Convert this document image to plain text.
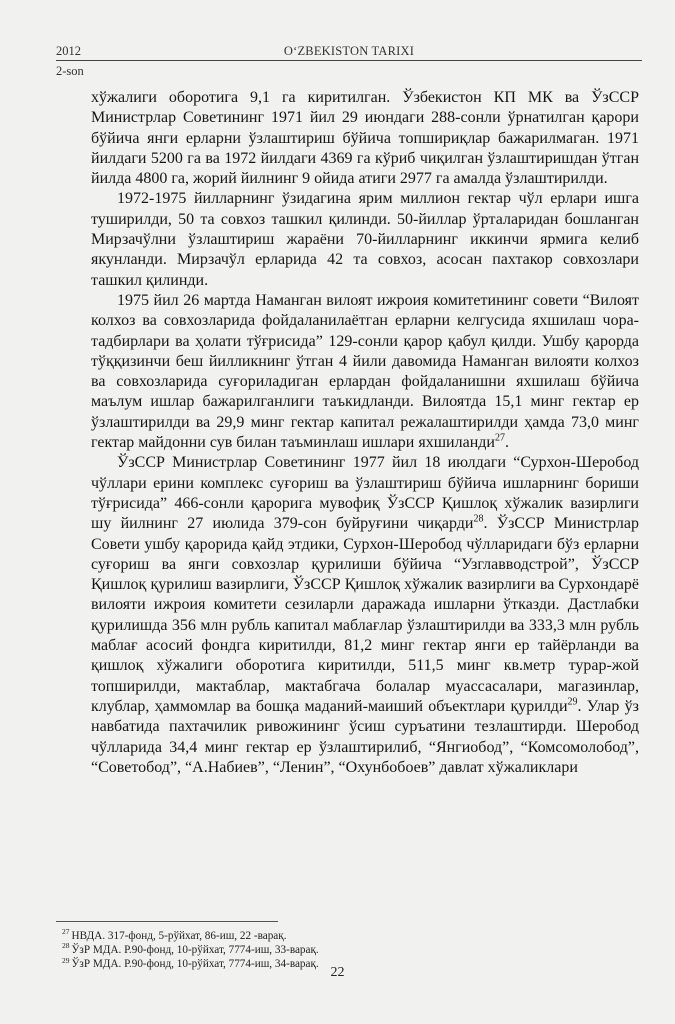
2012	O‘ZBEKISTON TARIXI
2-son

хўжалиги оборотига 9,1 га киритилган. Ўзбекистон КП МК ва ЎзССР Министрлар Советининг 1971 йил 29 июндаги 288-сонли ўрнатилган қарори бўйича янги ерларни ўзлаштириш бўйича топшириқлар бажарилмаган. 1971 йилдаги 5200 га ва 1972 йилдаги 4369 га кўриб чиқилган ўзлаштиришдан ўтган йилда 4800 га, жорий йилнинг 9 ойида атиги 2977 га амалда ўзлаштирилди.

1972-1975 йилларнинг ўзидагина ярим миллион гектар чўл ерлари ишга туширилди, 50 та совхоз ташкил қилинди. 50-йиллар ўрталаридан бошланган Мирзачўлни ўзлаштириш жараёни 70-йилларнинг иккинчи ярмига келиб якунланди. Мирзачўл ерларида 42 та совхоз, асосан пахтакор совхозлари ташкил қилинди.

1975 йил 26 мартда Наманган вилоят ижроия комитетининг совети “Вилоят колхоз ва совхозларида фойдаланилаётган ерларни келгусида яхшилаш чора-тадбирлари ва ҳолати тўғрисида” 129-сонли қарор қабул қилди. Ушбу қарорда тўққизинчи беш йилликнинг ўтган 4 йили давомида Наманган вилояти колхоз ва совхозларида суғориладиган ерлардан фойдаланишни яхшилаш бўйича маълум ишлар бажарилганлиги таъкидланди. Вилоятда 15,1 минг гектар ер ўзлаштирилди ва 29,9 минг гектар капитал режалаштирилди ҳамда 73,0 минг гектар майдонни сув билан таъминлаш ишлари яхшиланди$^{27}$.

ЎзССР Министрлар Советининг 1977 йил 18 июлдаги “Сурхон-Шеробод чўллари ерини комплекс суғориш ва ўзлаштириш бўйича ишларнинг бориши тўғрисида” 466-сонли қарорига мувофиқ ЎзССР Қишлоқ хўжалик вазирлиги шу йилнинг 27 июлида 379-сон буйруғини чиқарди$^{28}$. ЎзССР Министрлар Совети ушбу қарорида қайд этдики, Сурхон-Шеробод чўлларидаги бўз ерларни суғориш ва янги совхозлар қурилиши бўйича “Узглавводстрой”, ЎзССР Қишлоқ қурилиш вазирлиги, ЎзССР Қишлоқ хўжалик вазирлиги ва Сурхондарё вилояти ижроия комитети сезиларли даражада ишларни ўтказди. Дастлабки қурилишда 356 млн рубль капитал маблағлар ўзлаштирилди ва 333,3 млн рубль маблағ асосий фондга киритилди, 81,2 минг гектар янги ер тайёрланди ва қишлоқ хўжалиги оборотига киритилди, 511,5 минг кв.метр турар-жой топширилди, мактаблар, мактабгача болалар муассасалари, магазинлар, клублар, ҳаммомлар ва бошқа маданий-маиший объектлари қурилди$^{29}$. Улар ўз навбатида пахтачилик ривожининг ўсиш суръатини тезлаштирди. Шеробод чўлларида 34,4 минг гектар ер ўзлаштирилиб, “Янгиобод”, “Комсомолобод”, “Советобод”, “А.Набиев”, “Ленин”, “Охунбобоев” давлат хўжаликлари

$^{27}$ НВДА. 317-фонд, 5-рўйхат, 86-иш, 22 -варақ.
$^{28}$ ЎзР МДА. Р.90-фонд, 10-рўйхат, 7774-иш, 33-варақ.
$^{29}$ ЎзР МДА. Р.90-фонд, 10-рўйхат, 7774-иш, 34-варақ.
22
